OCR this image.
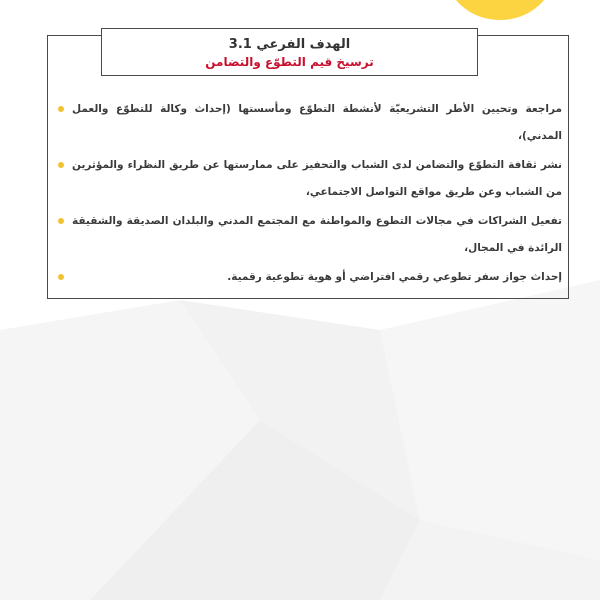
الهدف الفرعي 3.1
ترسيخ قيم التطوّع والتضامن
مراجعة وتحيين الأطر التشريعيّة لأنشطة التطوّع ومأسستها (إحداث وكالة للتطوّع والعمل المدني)،
نشر ثقافة التطوّع والتضامن لدى الشباب والتحفيز على ممارستها عن طريق النظراء والمؤثرين من الشباب وعن طريق مواقع التواصل الاجتماعي،
تفعيل الشراكات في مجالات التطوع والمواطنة مع المجتمع المدني والبلدان الصديقة والشقيقة الرائدة في المجال،
إحداث جواز سفر تطوعي رقمي افتراضي أو هوية تطوعية رقمية.
